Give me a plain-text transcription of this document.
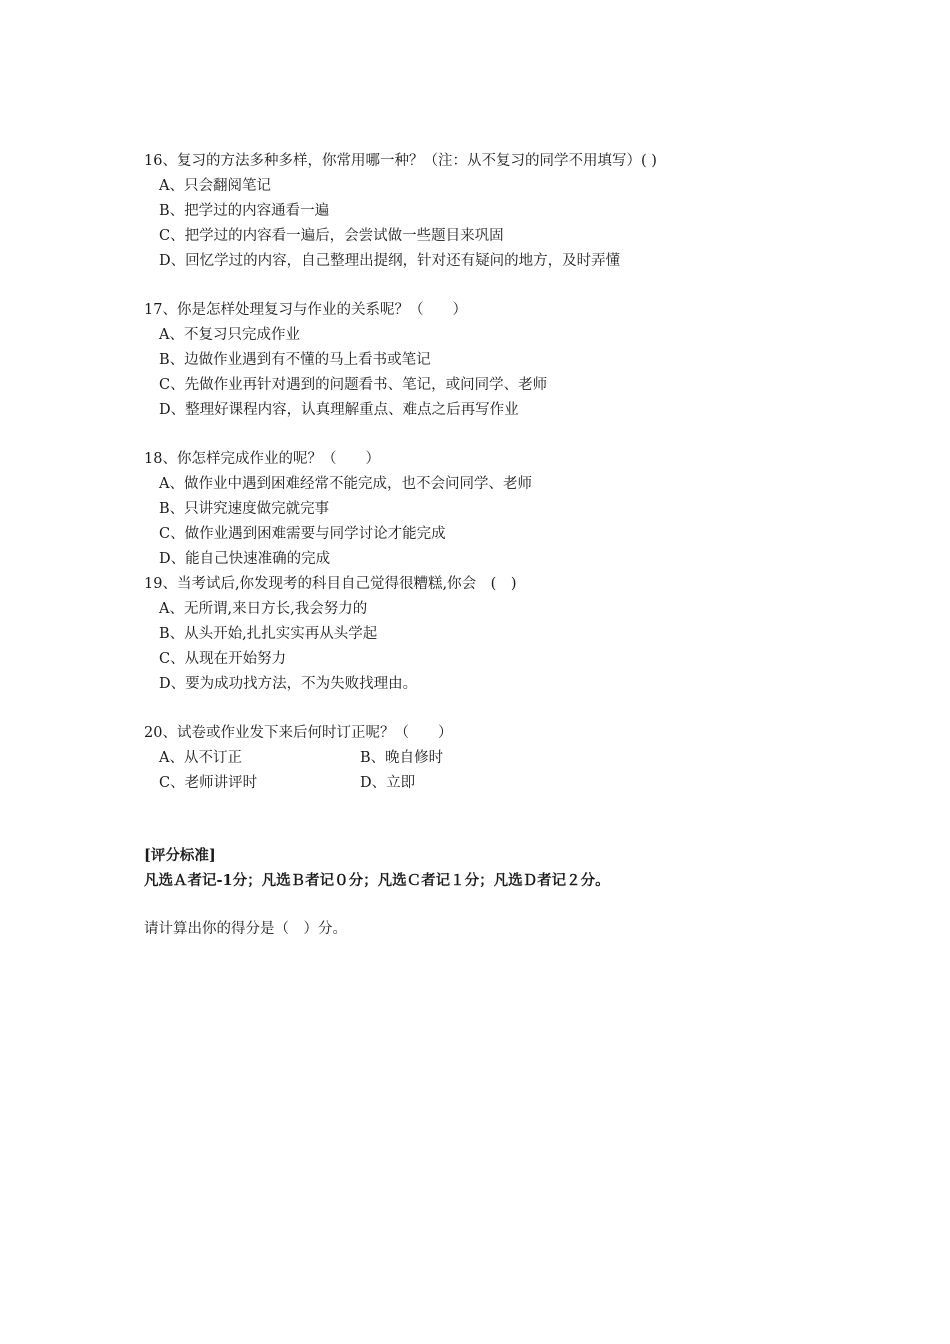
16、复习的方法多种多样，你常用哪一种？（注：从不复习的同学不用填写）( )
A、只会翻阅笔记
B、把学过的内容通看一遍
C、把学过的内容看一遍后，会尝试做一些题目来巩固
D、回忆学过的内容，自己整理出提纲，针对还有疑问的地方，及时弄懂
17、你是怎样处理复习与作业的关系呢？（　　）
A、不复习只完成作业
B、边做作业遇到有不懂的马上看书或笔记
C、先做作业再针对遇到的问题看书、笔记，或问同学、老师
D、整理好课程内容，认真理解重点、难点之后再写作业
18、你怎样完成作业的呢？（　　）
A、做作业中遇到困难经常不能完成，也不会问同学、老师
B、只讲究速度做完就完事
C、做作业遇到困难需要与同学讨论才能完成
D、能自己快速准确的完成
19、当考试后,你发现考的科目自己觉得很糟糕,你会　(　)
A、无所谓,来日方长,我会努力的
B、从头开始,扎扎实实再从头学起
C、从现在开始努力
D、要为成功找方法，不为失败找理由。
20、试卷或作业发下来后何时订正呢？（　　）
A、从不订正	B、晚自修时
C、老师讲评时	D、立即
[评分标准]
凡选Ａ者记-1分；凡选Ｂ者记０分；凡选Ｃ者记１分；凡选Ｄ者记２分。
请计算出你的得分是（　）分。
